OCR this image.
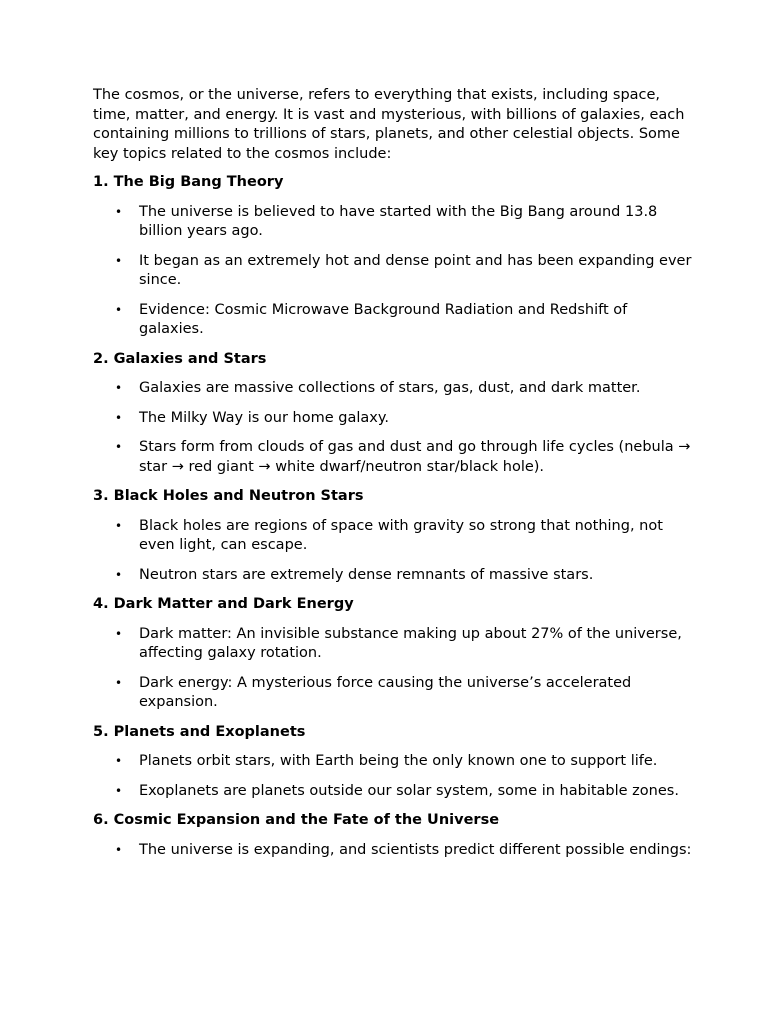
The cosmos, or the universe, refers to everything that exists, including space, time, matter, and energy. It is vast and mysterious, with billions of galaxies, each containing millions to trillions of stars, planets, and other celestial objects. Some key topics related to the cosmos include:

1. The Big Bang Theory
• The universe is believed to have started with the Big Bang around 13.8 billion years ago.
• It began as an extremely hot and dense point and has been expanding ever since.
• Evidence: Cosmic Microwave Background Radiation and Redshift of galaxies.
2. Galaxies and Stars
• Galaxies are massive collections of stars, gas, dust, and dark matter.
• The Milky Way is our home galaxy.
• Stars form from clouds of gas and dust and go through life cycles (nebula → star → red giant → white dwarf/neutron star/black hole).
3. Black Holes and Neutron Stars
• Black holes are regions of space with gravity so strong that nothing, not even light, can escape.
• Neutron stars are extremely dense remnants of massive stars.
4. Dark Matter and Dark Energy
• Dark matter: An invisible substance making up about 27% of the universe, affecting galaxy rotation.
• Dark energy: A mysterious force causing the universe’s accelerated expansion.
5. Planets and Exoplanets
• Planets orbit stars, with Earth being the only known one to support life.
• Exoplanets are planets outside our solar system, some in habitable zones.
6. Cosmic Expansion and the Fate of the Universe
• The universe is expanding, and scientists predict different possible endings:
